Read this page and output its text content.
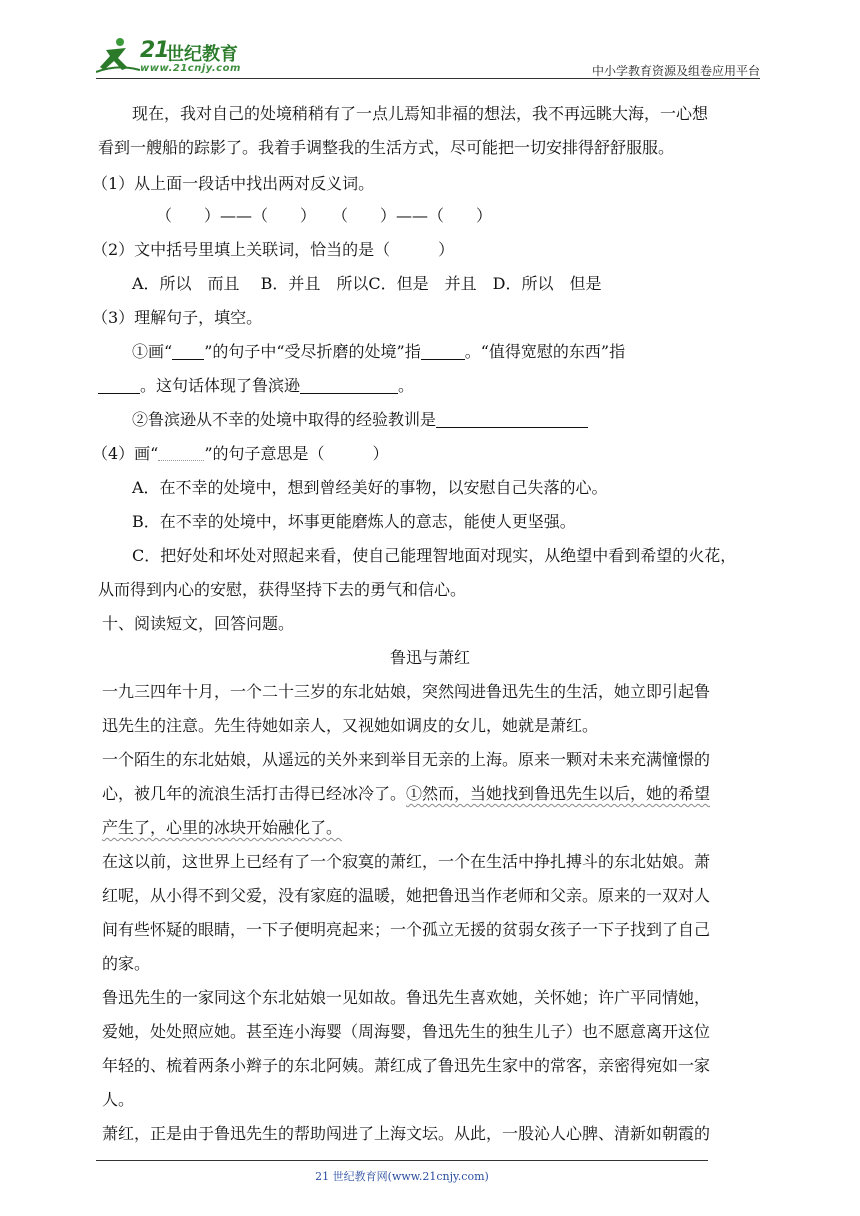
21
世纪教育
www.21cnjy.com	中小学教育资源及组卷应用平台
现在，我对自己的处境稍稍有了一点儿焉知非福的想法，我不再远眺大海，一心想
看到一艘船的踪影了。我着手调整我的生活方式，尽可能把一切安排得舒舒服服。
（1）从上面一段话中找出两对反义词。
（　　）——（　　）　　（　　）——（　　）
（2）文中括号里填上关联词，恰当的是（　　　）
A．所以　而且　 B．并且　所以C．但是　并且　D．所以　但是
（3）理解句子，填空。
①画“ ”的句子中“受尽折磨的处境”指	。“值得宽慰的东西”指
。这句话体现了鲁滨逊	。
②鲁滨逊从不幸的处境中取得的经验教训是
（4）画“	”的句子意思是（　　　）
A．在不幸的处境中，想到曾经美好的事物，以安慰自己失落的心。
B．在不幸的处境中，坏事更能磨炼人的意志，能使人更坚强。
C．把好处和坏处对照起来看，使自己能理智地面对现实，从绝望中看到希望的火花，
从而得到内心的安慰，获得坚持下去的勇气和信心。
十、阅读短文，回答问题。
鲁迅与萧红
一九三四年十月，一个二十三岁的东北姑娘，突然闯进鲁迅先生的生活，她立即引起鲁
迅先生的注意。先生待她如亲人，又视她如调皮的女儿，她就是萧红。
一个陌生的东北姑娘，从遥远的关外来到举目无亲的上海。原来一颗对未来充满憧憬的
心，被几年的流浪生活打击得已经冰冷了。①然而，当她找到鲁迅先生以后，她的希望
产生了，心里的冰块开始融化了。
在这以前，这世界上已经有了一个寂寞的萧红，一个在生活中挣扎搏斗的东北姑娘。萧
红呢，从小得不到父爱，没有家庭的温暖，她把鲁迅当作老师和父亲。原来的一双对人
间有些怀疑的眼睛，一下子便明亮起来；一个孤立无援的贫弱女孩子一下子找到了自己
的家。
鲁迅先生的一家同这个东北姑娘一见如故。鲁迅先生喜欢她，关怀她；许广平同情她，
爱她，处处照应她。甚至连小海婴（周海婴，鲁迅先生的独生儿子）也不愿意离开这位
年轻的、梳着两条小辫子的东北阿姨。萧红成了鲁迅先生家中的常客，亲密得宛如一家
人。
萧红，正是由于鲁迅先生的帮助闯进了上海文坛。从此，一股沁人心脾、清新如朝霞的
21 世纪教育网(www.21cnjy.com)
